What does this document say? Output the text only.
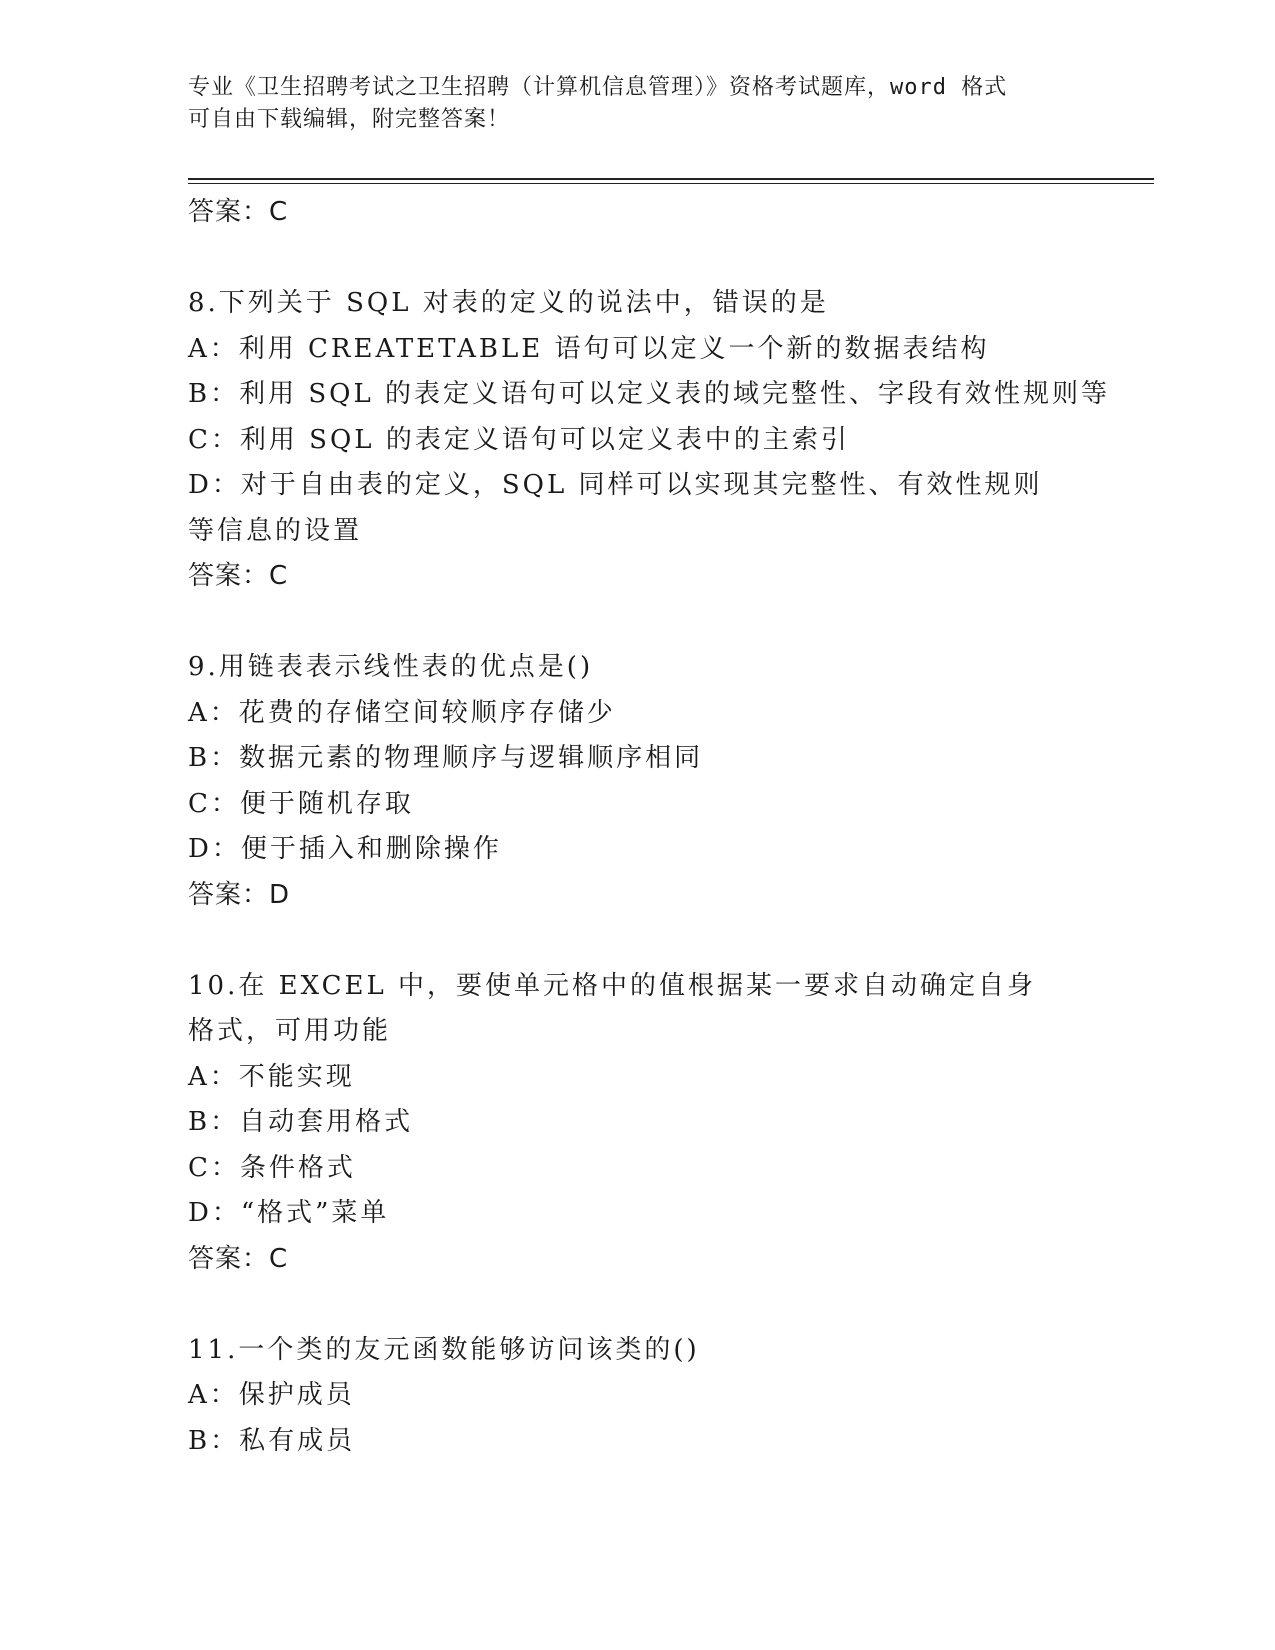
专业《卫生招聘考试之卫生招聘（计算机信息管理）》资格考试题库，word 格式
可自由下载编辑，附完整答案！
答案：C
8.下列关于 SQL 对表的定义的说法中，错误的是
A：利用 CREATETABLE 语句可以定义一个新的数据表结构
B：利用 SQL 的表定义语句可以定义表的域完整性、字段有效性规则等
C：利用 SQL 的表定义语句可以定义表中的主索引
D：对于自由表的定义，SQL 同样可以实现其完整性、有效性规则等信息的设置
答案：C
9.用链表表示线性表的优点是()
A：花费的存储空间较顺序存储少
B：数据元素的物理顺序与逻辑顺序相同
C：便于随机存取
D：便于插入和删除操作
答案：D
10.在 EXCEL 中，要使单元格中的值根据某一要求自动确定自身格式，可用功能
A：不能实现
B：自动套用格式
C：条件格式
D：“格式”菜单
答案：C
11.一个类的友元函数能够访问该类的()
A：保护成员
B：私有成员
